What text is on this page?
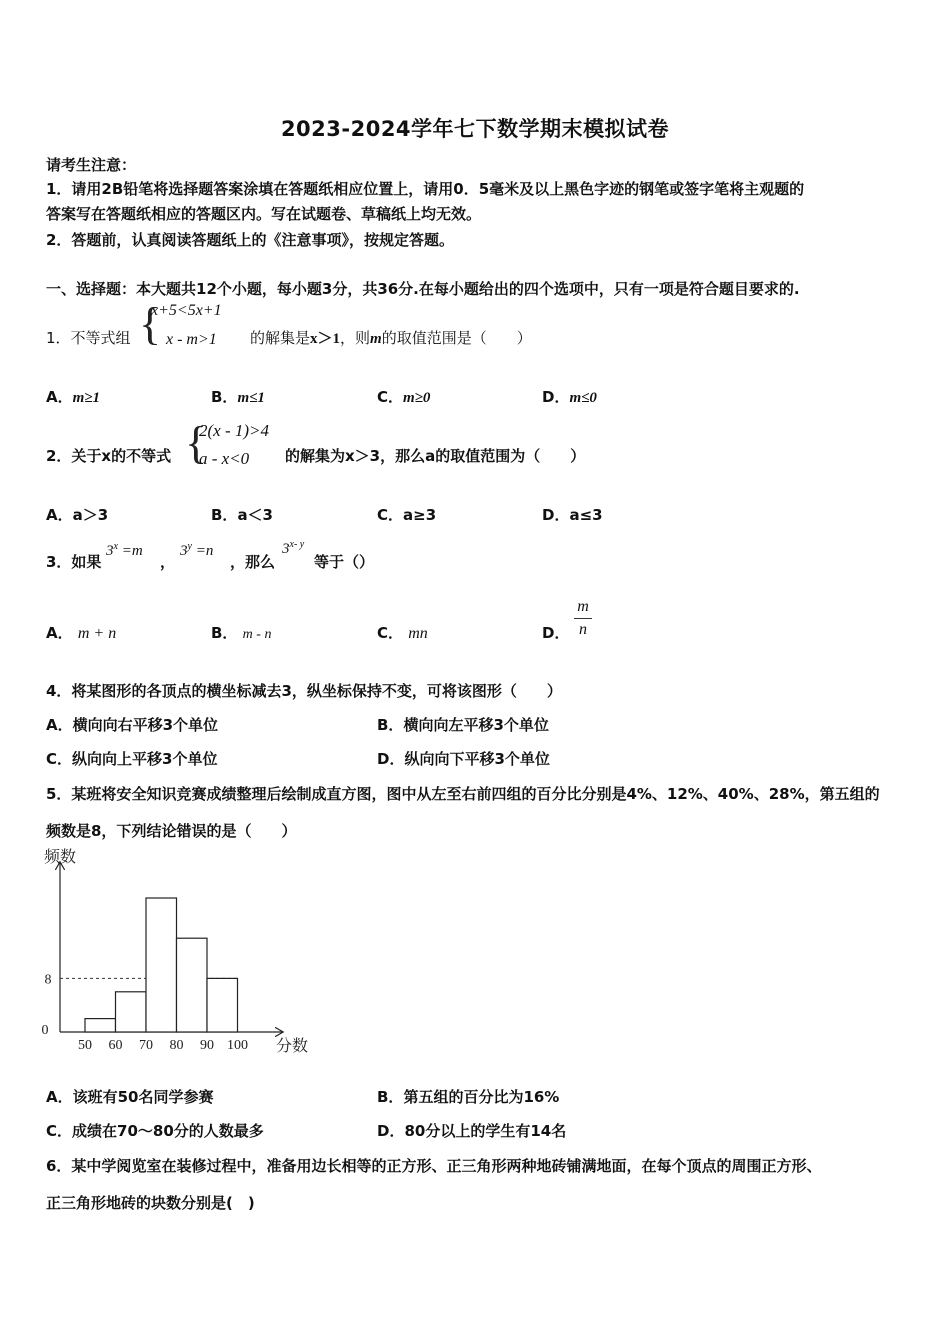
2023-2024学年七下数学期末模拟试卷
请考生注意：
1．请用2B铅笔将选择题答案涂填在答题纸相应位置上，请用0．5毫米及以上黑色字迹的钢笔或签字笔将主观题的
答案写在答题纸相应的答题区内。写在试题卷、草稿纸上均无效。
2．答题前，认真阅读答题纸上的《注意事项》，按规定答题。
一、选择题：本大题共12个小题，每小题3分，共36分.在每小题给出的四个选项中，只有一项是符合题目要求的.
1．不等式组 {
x+5<5x+1
x - m>1 的解集是x＞1，则m的取值范围是（　　）
A．m≥1	B．m≤1	C．m≥0	D．m≤0
2．关于x的不等式 {
2(x - 1)>4
a - x<0 的解集为x＞3，那么a的取值范围为（　　）
A．a＞3	B．a＜3	C．a≥3	D．a≤3
3．如果
$3^x =m$
，
$3^y =n$
，那么
3$^{x- y}$
等于（）
A． m + n	B． m - n	C． mn	D．
m
n
4．将某图形的各顶点的横坐标减去3，纵坐标保持不变，可将该图形（　　）
A．横向向右平移3个单位	B．横向向左平移3个单位
C．纵向向上平移3个单位	D．纵向向下平移3个单位
5．某班将安全知识竞赛成绩整理后绘制成直方图，图中从左至右前四组的百分比分别是4%、12%、40%、28%，第五组的
频数是8，下列结论错误的是（　　）
50 60 70 80 90 100
0
8
频数
分数
A．该班有50名同学参赛	B．第五组的百分比为16%
C．成绩在70～80分的人数最多	D．80分以上的学生有14名
6．某中学阅览室在装修过程中，准备用边长相等的正方形、正三角形两种地砖铺满地面，在每个顶点的周围正方形、
正三角形地砖的块数分别是(　)
